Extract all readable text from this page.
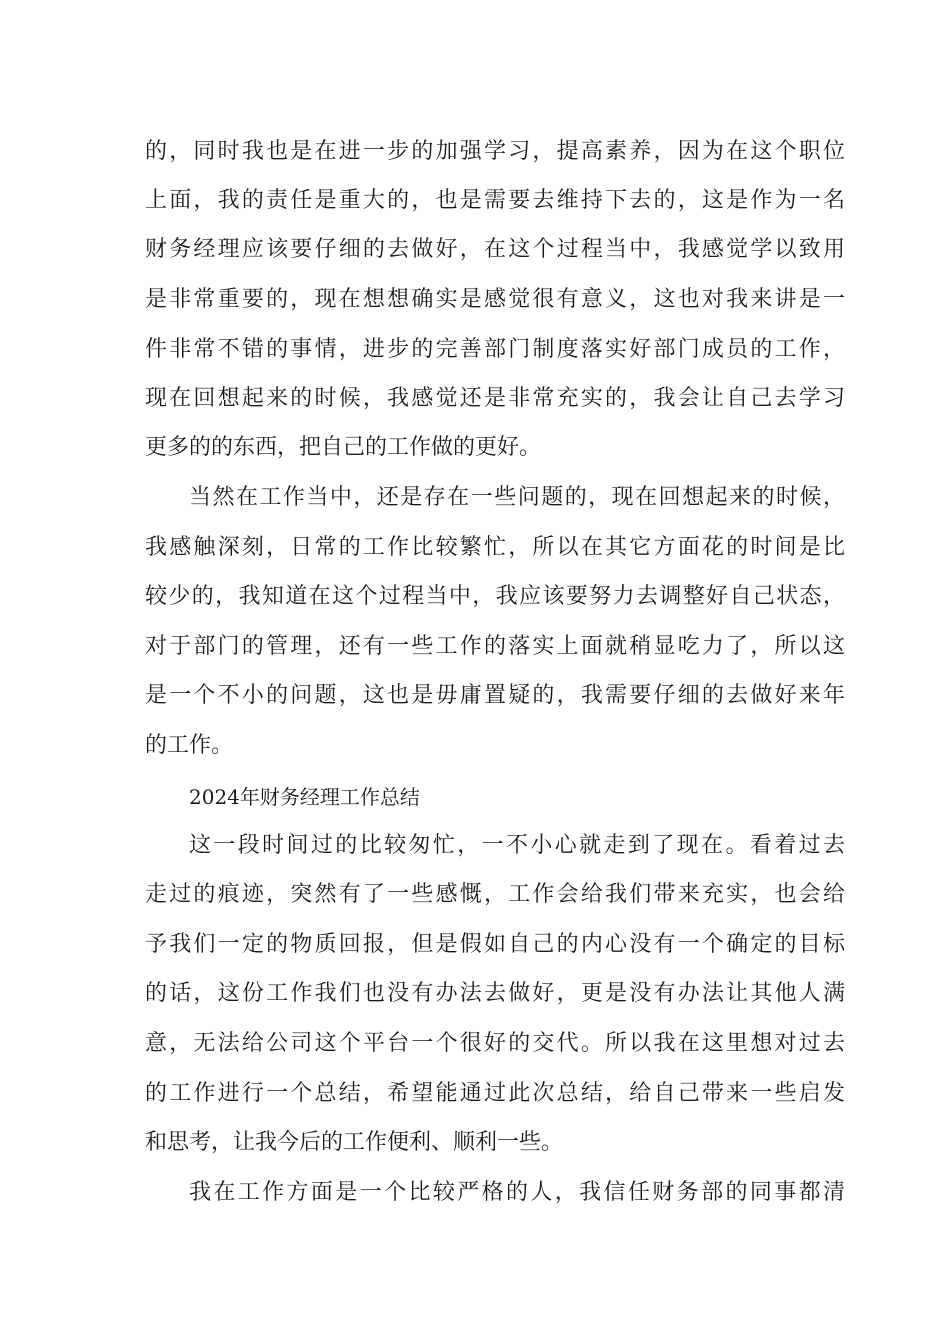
的，同时我也是在进一步的加强学习，提高素养，因为在这个职位

上面，我的责任是重大的，也是需要去维持下去的，这是作为一名

财务经理应该要仔细的去做好，在这个过程当中，我感觉学以致用

是非常重要的，现在想想确实是感觉很有意义，这也对我来讲是一

件非常不错的事情，进步的完善部门制度落实好部门成员的工作，

现在回想起来的时候，我感觉还是非常充实的，我会让自己去学习

更多的的东西，把自己的工作做的更好。

当然在工作当中，还是存在一些问题的，现在回想起来的时候，

我感触深刻，日常的工作比较繁忙，所以在其它方面花的时间是比

较少的，我知道在这个过程当中，我应该要努力去调整好自己状态，

对于部门的管理，还有一些工作的落实上面就稍显吃力了，所以这

是一个不小的问题，这也是毋庸置疑的，我需要仔细的去做好来年

的工作。

2024年财务经理工作总结

这一段时间过的比较匆忙，一不小心就走到了现在。看着过去

走过的痕迹，突然有了一些感慨，工作会给我们带来充实，也会给

予我们一定的物质回报，但是假如自己的内心没有一个确定的目标

的话，这份工作我们也没有办法去做好，更是没有办法让其他人满

意，无法给公司这个平台一个很好的交代。所以我在这里想对过去

的工作进行一个总结，希望能通过此次总结，给自己带来一些启发

和思考，让我今后的工作便利、顺利一些。

我在工作方面是一个比较严格的人，我信任财务部的同事都清
